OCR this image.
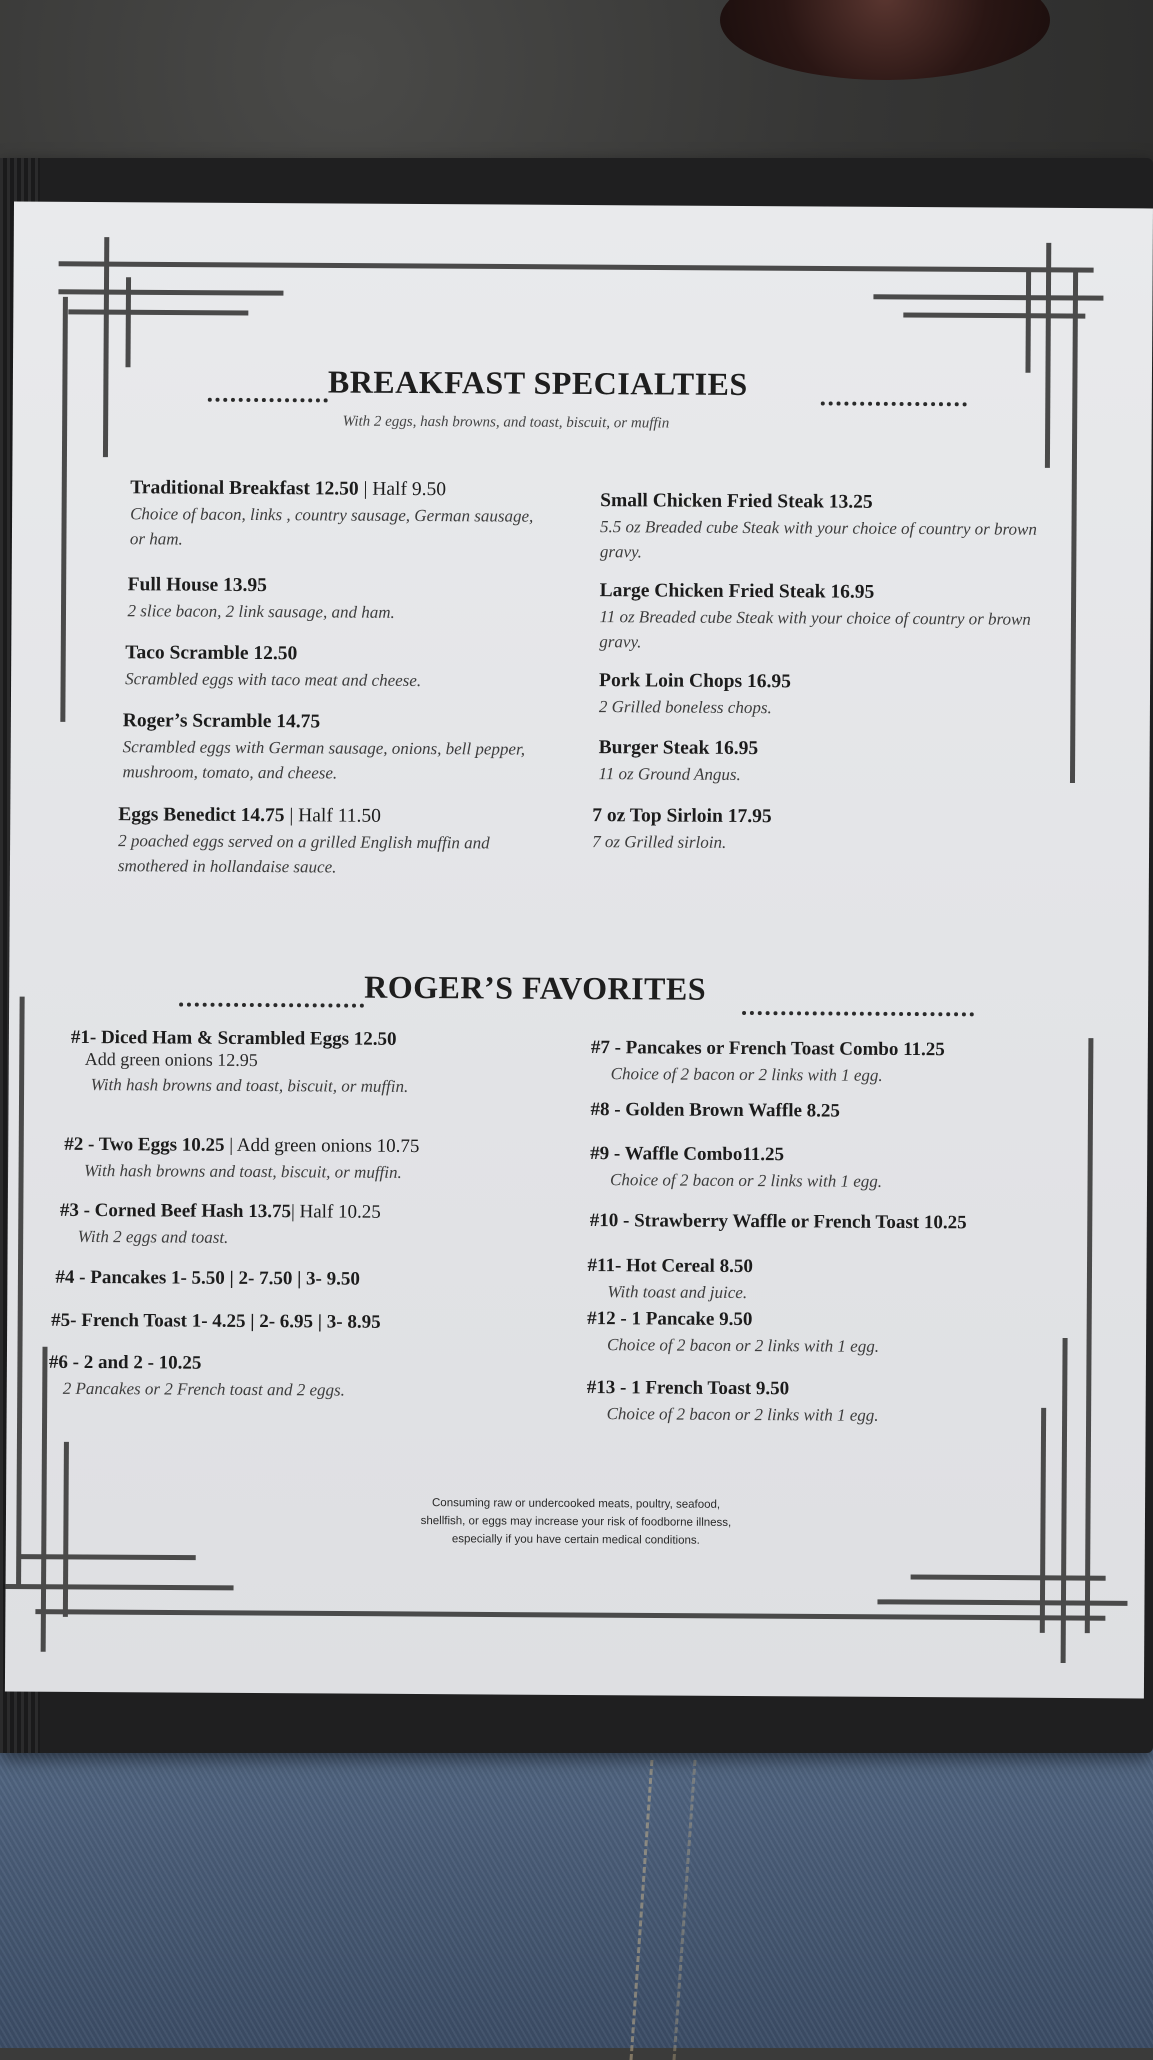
BREAKFAST SPECIALTIES
With 2 eggs, hash browns, and toast, biscuit, or muffin
Traditional Breakfast 12.50 | Half 9.50
Choice of bacon, links , country sausage, German sausage, or ham.
Full House 13.95
2 slice bacon, 2 link sausage, and ham.
Taco Scramble 12.50
Scrambled eggs with taco meat and cheese.
Roger’s Scramble 14.75
Scrambled eggs with German sausage, onions, bell pepper, mushroom, tomato, and cheese.
Eggs Benedict 14.75 | Half 11.50
2 poached eggs served on a grilled English muffin and smothered in hollandaise sauce.
Small Chicken Fried Steak 13.25
5.5 oz Breaded cube Steak with your choice of country or brown gravy.
Large Chicken Fried Steak 16.95
11 oz Breaded cube Steak with your choice of country or brown gravy.
Pork Loin Chops 16.95
2 Grilled boneless chops.
Burger Steak 16.95
11 oz Ground Angus.
7 oz Top Sirloin 17.95
7 oz Grilled sirloin.
ROGER’S FAVORITES
#1- Diced Ham & Scrambled Eggs 12.50
Add green onions 12.95
With hash browns and toast, biscuit, or muffin.
#2 - Two Eggs 10.25 | Add green onions 10.75
With hash browns and toast, biscuit, or muffin.
#3 - Corned Beef Hash 13.75| Half 10.25
With 2 eggs and toast.
#4 - Pancakes 1- 5.50 | 2- 7.50 | 3- 9.50
#5- French Toast 1- 4.25 | 2- 6.95 | 3- 8.95
#6 - 2 and 2 - 10.25
2 Pancakes or 2 French toast and 2 eggs.
#7 - Pancakes or French Toast Combo 11.25
Choice of 2 bacon or 2 links with 1 egg.
#8 - Golden Brown Waffle 8.25
#9 - Waffle Combo11.25
Choice of 2 bacon or 2 links with 1 egg.
#10 - Strawberry Waffle or French Toast 10.25
#11- Hot Cereal 8.50
With toast and juice.
#12 - 1 Pancake 9.50
Choice of 2 bacon or 2 links with 1 egg.
#13 - 1 French Toast 9.50
Choice of 2 bacon or 2 links with 1 egg.
Consuming raw or undercooked meats, poultry, seafood,
shellfish, or eggs may increase your risk of foodborne illness,
especially if you have certain medical conditions.
